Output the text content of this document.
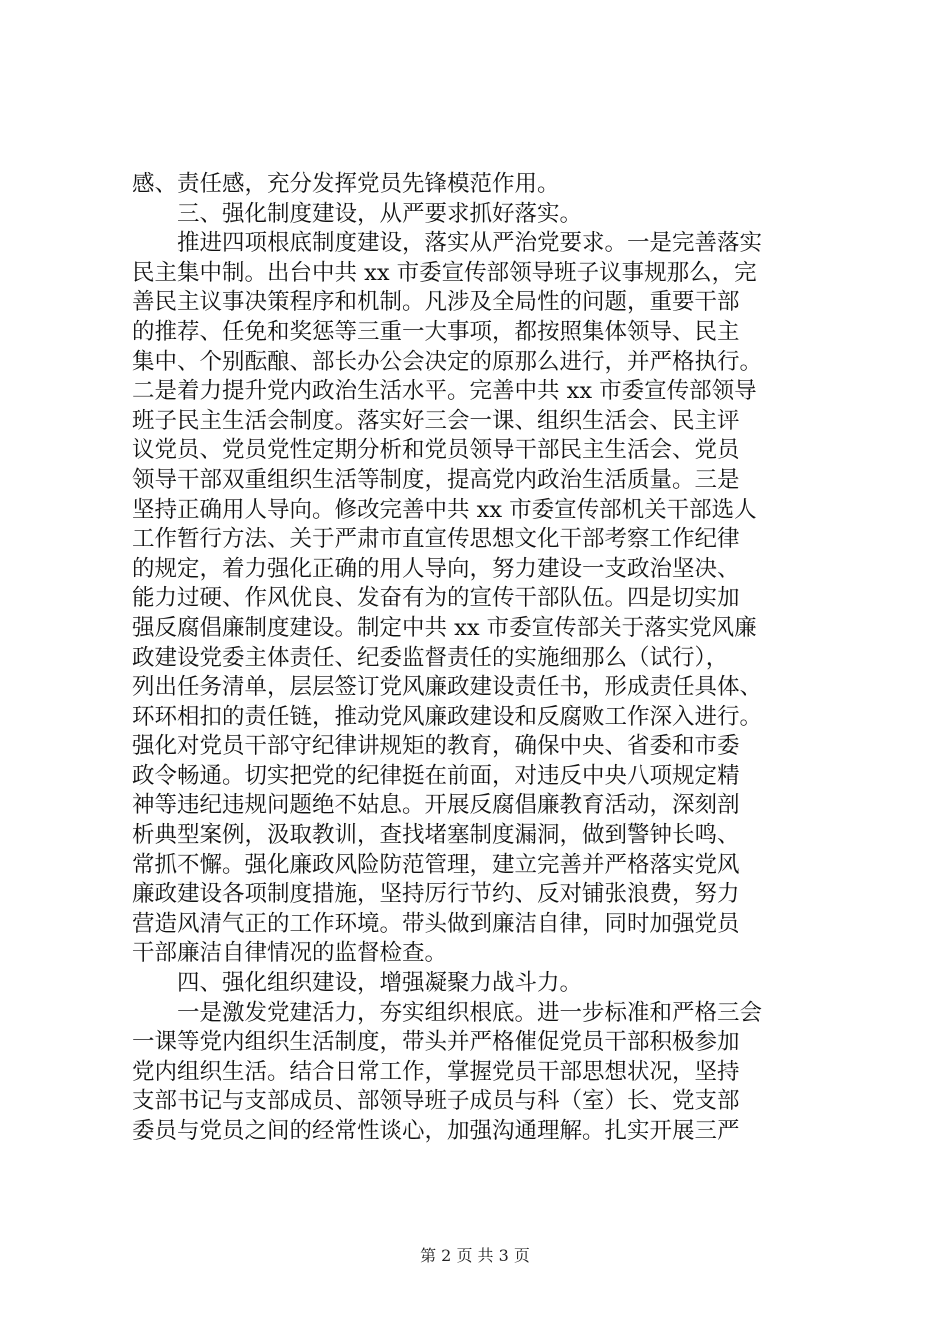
感、责任感，充分发挥党员先锋模范作用。
三、强化制度建设，从严要求抓好落实。
推进四项根底制度建设，落实从严治党要求。一是完善落实
民主集中制。出台中共 xx 市委宣传部领导班子议事规那么，完
善民主议事决策程序和机制。凡涉及全局性的问题，重要干部
的推荐、任免和奖惩等三重一大事项，都按照集体领导、民主
集中、个别酝酿、部长办公会决定的原那么进行，并严格执行。
二是着力提升党内政治生活水平。完善中共 xx 市委宣传部领导
班子民主生活会制度。落实好三会一课、组织生活会、民主评
议党员、党员党性定期分析和党员领导干部民主生活会、党员
领导干部双重组织生活等制度，提高党内政治生活质量。三是
坚持正确用人导向。修改完善中共 xx 市委宣传部机关干部选人
工作暂行方法、关于严肃市直宣传思想文化干部考察工作纪律
的规定，着力强化正确的用人导向，努力建设一支政治坚决、
能力过硬、作风优良、发奋有为的宣传干部队伍。四是切实加
强反腐倡廉制度建设。制定中共 xx 市委宣传部关于落实党风廉
政建设党委主体责任、纪委监督责任的实施细那么（试行），
列出任务清单，层层签订党风廉政建设责任书，形成责任具体、
环环相扣的责任链，推动党风廉政建设和反腐败工作深入进行。
强化对党员干部守纪律讲规矩的教育，确保中央、省委和市委
政令畅通。切实把党的纪律挺在前面，对违反中央八项规定精
神等违纪违规问题绝不姑息。开展反腐倡廉教育活动，深刻剖
析典型案例，汲取教训，查找堵塞制度漏洞，做到警钟长鸣、
常抓不懈。强化廉政风险防范管理，建立完善并严格落实党风
廉政建设各项制度措施，坚持厉行节约、反对铺张浪费，努力
营造风清气正的工作环境。带头做到廉洁自律，同时加强党员
干部廉洁自律情况的监督检查。
四、强化组织建设，增强凝聚力战斗力。
一是激发党建活力，夯实组织根底。进一步标准和严格三会
一课等党内组织生活制度，带头并严格催促党员干部积极参加
党内组织生活。结合日常工作，掌握党员干部思想状况，坚持
支部书记与支部成员、部领导班子成员与科（室）长、党支部
委员与党员之间的经常性谈心，加强沟通理解。扎实开展三严
第 2 页 共 3 页
